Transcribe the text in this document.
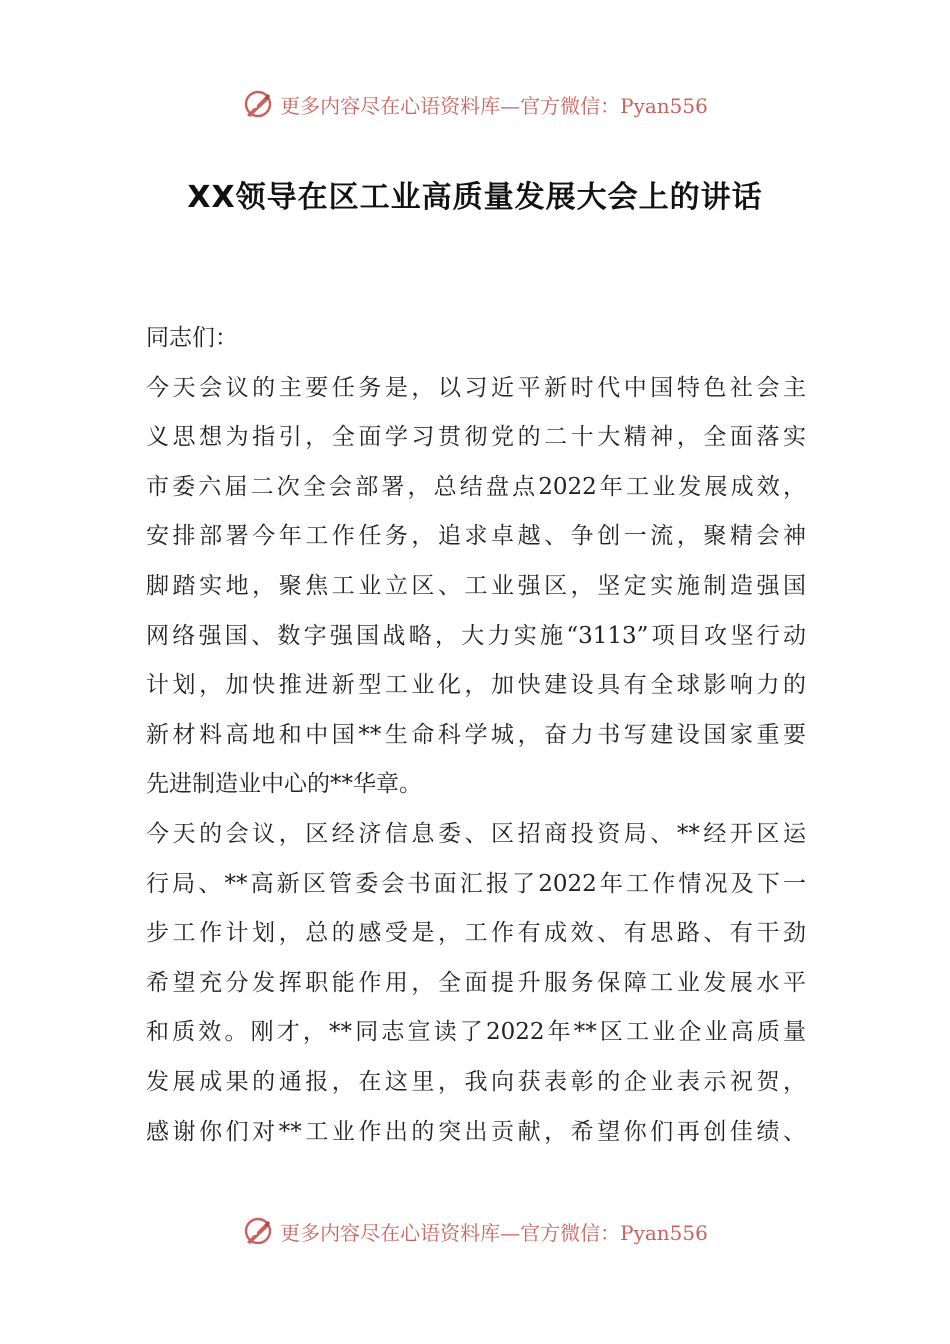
更多内容尽在心语资料库—官方微信：Pyan556
XX领导在区工业高质量发展大会上的讲话
同志们：
今天会议的主要任务是，以习近平新时代中国特色社会主
义思想为指引，全面学习贯彻党的二十大精神，全面落实
市委六届二次全会部署，总结盘点2022年工业发展成效，
安排部署今年工作任务，追求卓越、争创一流，聚精会神
脚踏实地，聚焦工业立区、工业强区，坚定实施制造强国
网络强国、数字强国战略，大力实施“3113”项目攻坚行动
计划，加快推进新型工业化，加快建设具有全球影响力的
新材料高地和中国**生命科学城，奋力书写建设国家重要
先进制造业中心的**华章。
今天的会议，区经济信息委、区招商投资局、**经开区运
行局、**高新区管委会书面汇报了2022年工作情况及下一
步工作计划，总的感受是，工作有成效、有思路、有干劲
希望充分发挥职能作用，全面提升服务保障工业发展水平
和质效。刚才，**同志宣读了2022年**区工业企业高质量
发展成果的通报，在这里，我向获表彰的企业表示祝贺，
感谢你们对**工业作出的突出贡献，希望你们再创佳绩、
更多内容尽在心语资料库—官方微信：Pyan556
